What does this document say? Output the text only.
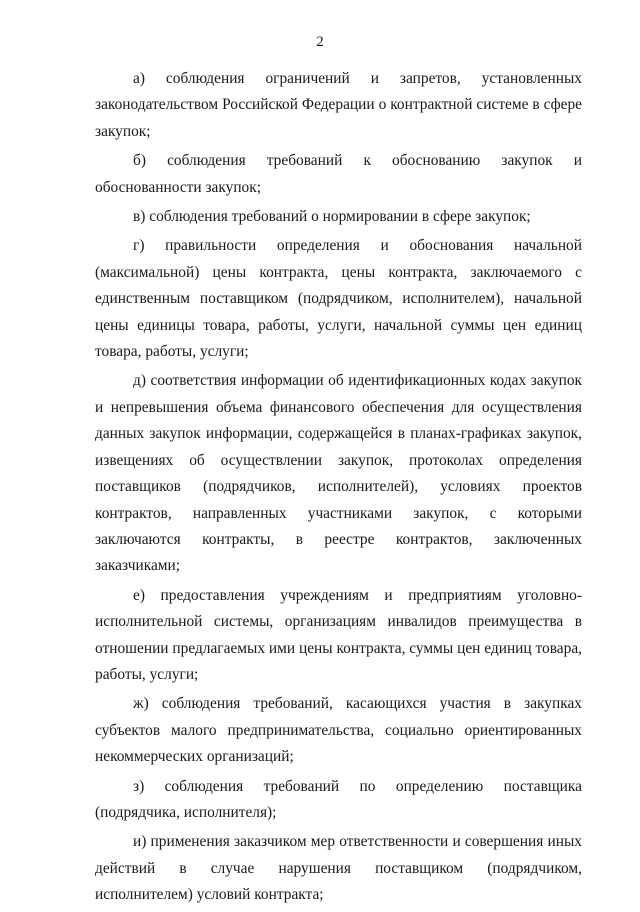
2

а) соблюдения ограничений и запретов, установленных законодательством Российской Федерации о контрактной системе в сфере закупок;

б) соблюдения требований к обоснованию закупок и обоснованности закупок;

в) соблюдения требований о нормировании в сфере закупок;

г) правильности определения и обоснования начальной (максимальной) цены контракта, цены контракта, заключаемого с единственным поставщиком (подрядчиком, исполнителем), начальной цены единицы товара, работы, услуги, начальной суммы цен единиц товара, работы, услуги;

д) соответствия информации об идентификационных кодах закупок и непревышения объема финансового обеспечения для осуществления данных закупок информации, содержащейся в планах-графиках закупок, извещениях об осуществлении закупок, протоколах определения поставщиков (подрядчиков, исполнителей), условиях проектов контрактов, направленных участниками закупок, с которыми заключаются контракты, в реестре контрактов, заключенных заказчиками;

е) предоставления учреждениям и предприятиям уголовно-исполнительной системы, организациям инвалидов преимущества в отношении предлагаемых ими цены контракта, суммы цен единиц товара, работы, услуги;

ж) соблюдения требований, касающихся участия в закупках субъектов малого предпринимательства, социально ориентированных некоммерческих организаций;

з) соблюдения требований по определению поставщика (подрядчика, исполнителя);

и) применения заказчиком мер ответственности и совершения иных действий в случае нарушения поставщиком (подрядчиком, исполнителем) условий контракта;
